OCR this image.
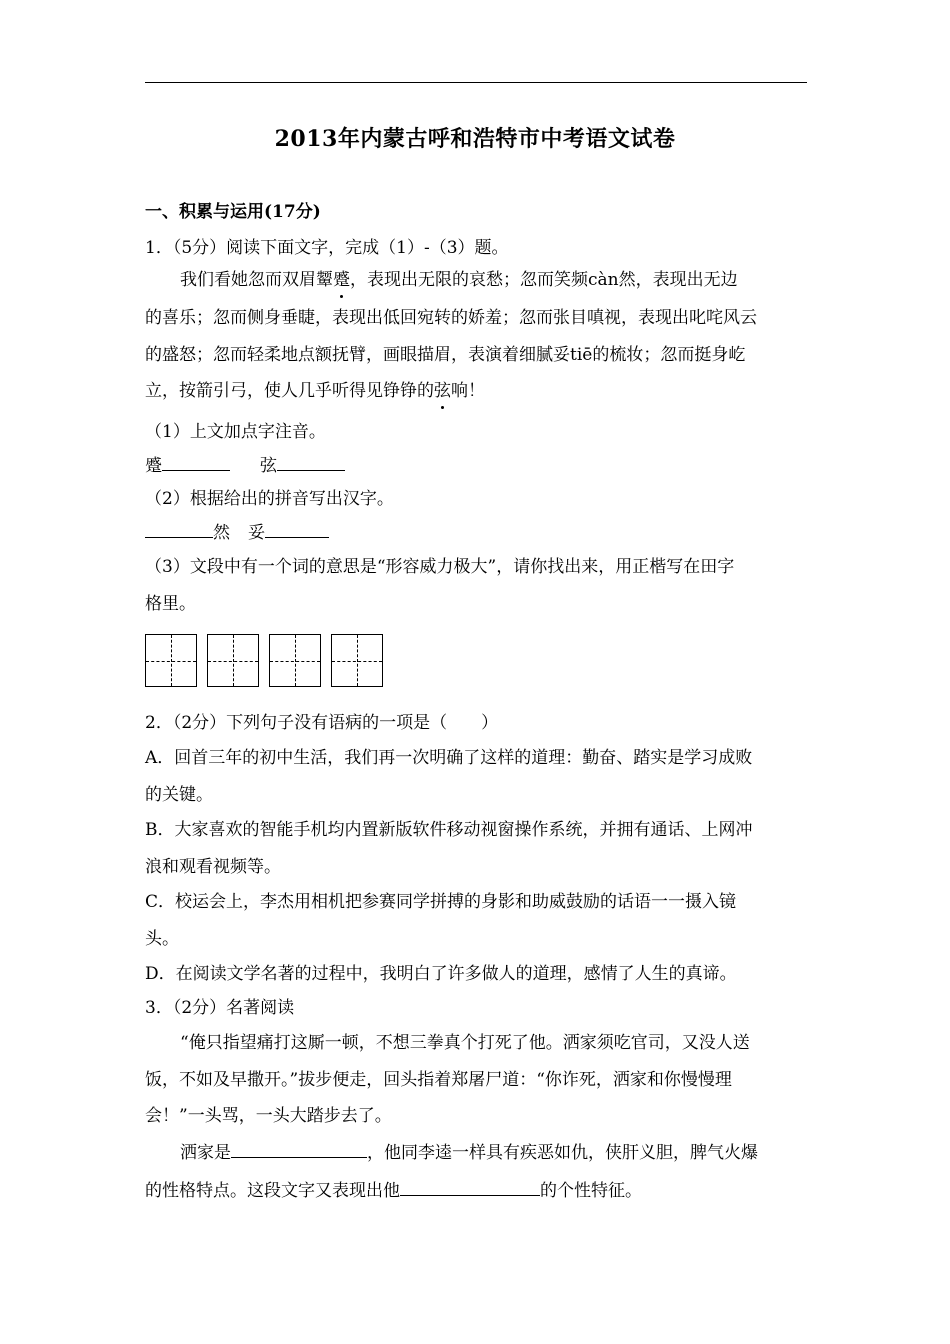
2013年内蒙古呼和浩特市中考语文试卷
一、积累与运用(17分)
1．（5分）阅读下面文字，完成（1）-（3）题。
我们看她忽而双眉颦蹙，表现出无限的哀愁；忽而笑频càn然，表现出无边
的喜乐；忽而侧身垂睫，表现出低回宛转的娇羞；忽而张目嗔视，表现出叱咤风云
的盛怒；忽而轻柔地点额抚臂，画眼描眉，表演着细腻妥tiē的梳妆；忽而挺身屹
立，按箭引弓，使人几乎听得见铮铮的弦响！
（1）上文加点字注音。
蹙	弦
（2）根据给出的拼音写出汉字。
然 妥
（3）文段中有一个词的意思是“形容威力极大”，请你找出来，用正楷写在田字
格里。
2．（2分）下列句子没有语病的一项是（　　）
A．回首三年的初中生活，我们再一次明确了这样的道理：勤奋、踏实是学习成败
的关键。
B．大家喜欢的智能手机均内置新版软件移动视窗操作系统，并拥有通话、上网冲
浪和观看视频等。
C．校运会上，李杰用相机把参赛同学拼搏的身影和助威鼓励的话语一一摄入镜
头。
D．在阅读文学名著的过程中，我明白了许多做人的道理，感情了人生的真谛。
3．（2分）名著阅读
“俺只指望痛打这厮一顿，不想三拳真个打死了他。洒家须吃官司，又没人送
饭，不如及早撒开。”拔步便走，回头指着郑屠尸道：“你诈死，洒家和你慢慢理
会！”一头骂，一头大踏步去了。
洒家是	，他同李逵一样具有疾恶如仇，侠肝义胆，脾气火爆
的性格特点。这段文字又表现出他	的个性特征。
